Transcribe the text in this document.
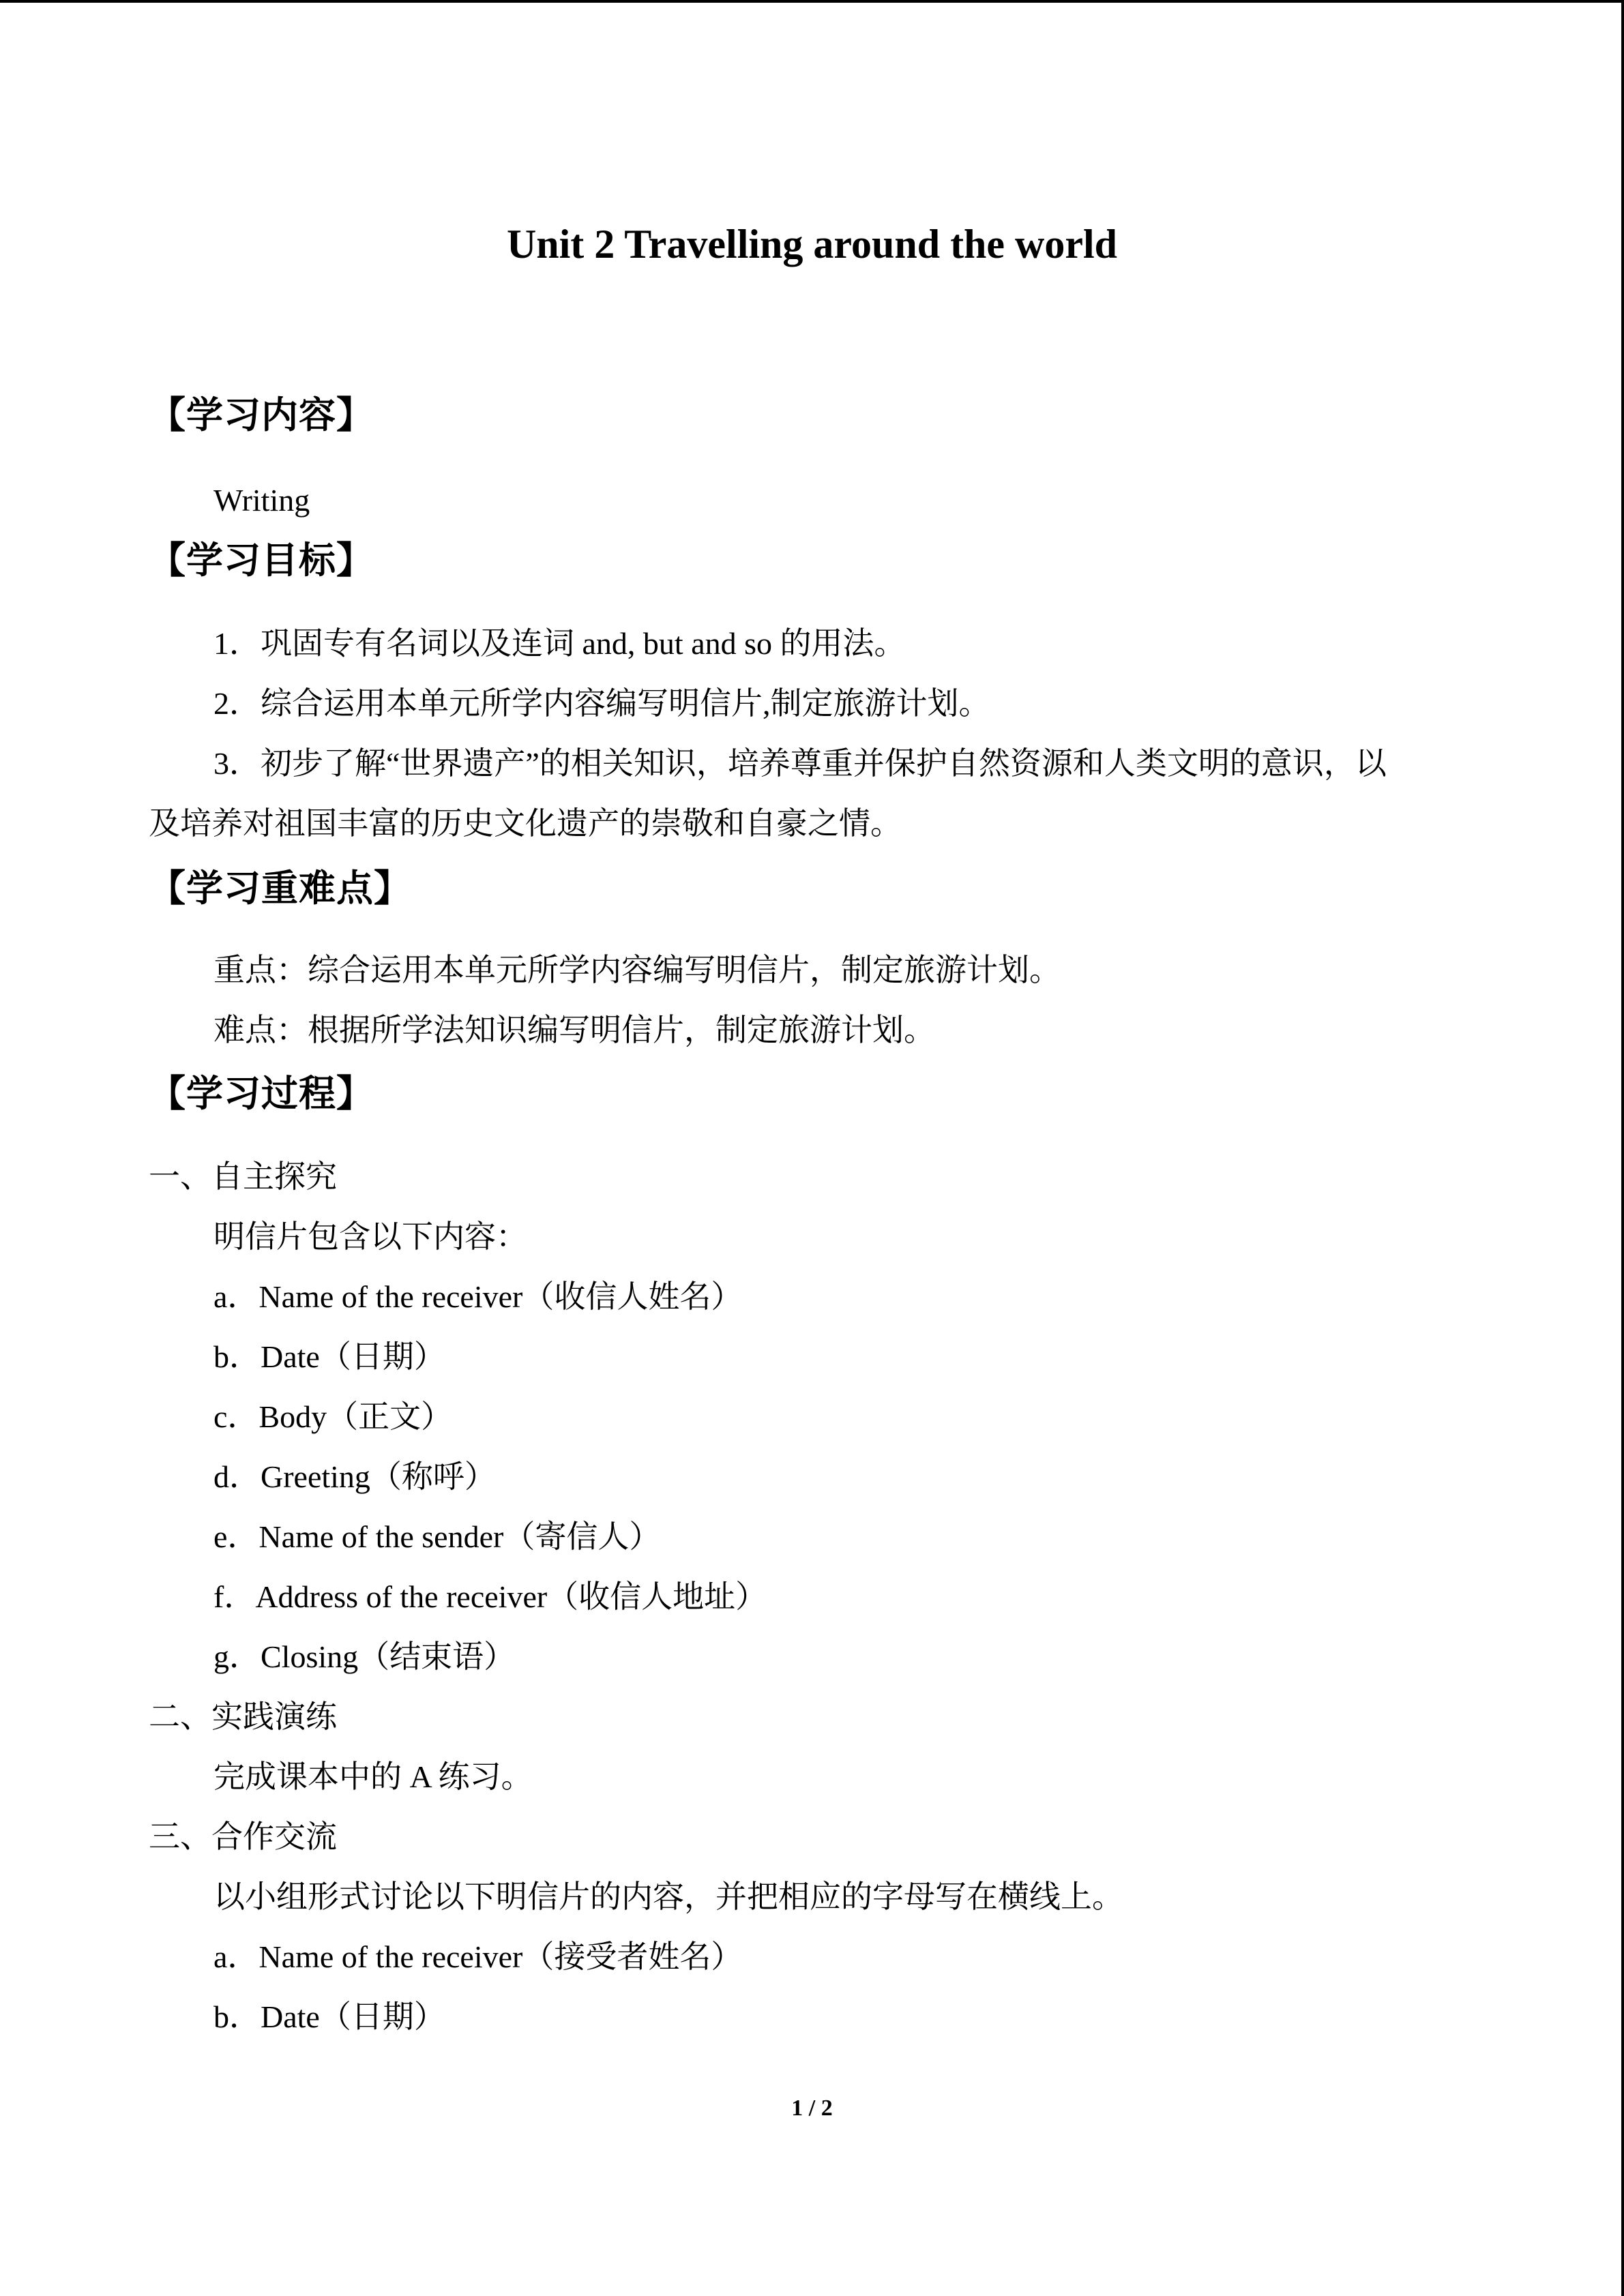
Unit 2 Travelling around the world
【学习内容】
Writing
【学习目标】
1．巩固专有名词以及连词 and, but and so 的用法。
2．综合运用本单元所学内容编写明信片,制定旅游计划。
3．初步了解“世界遗产”的相关知识，培养尊重并保护自然资源和人类文明的意识，以
及培养对祖国丰富的历史文化遗产的崇敬和自豪之情。
【学习重难点】
重点：综合运用本单元所学内容编写明信片，制定旅游计划。
难点：根据所学法知识编写明信片，制定旅游计划。
【学习过程】
一、自主探究
明信片包含以下内容：
a．Name of the receiver（收信人姓名）
b．Date（日期）
c．Body（正文）
d．Greeting（称呼）
e．Name of the sender（寄信人）
f．Address of the receiver（收信人地址）
g．Closing（结束语）
二、实践演练
完成课本中的 A 练习。
三、合作交流
以小组形式讨论以下明信片的内容，并把相应的字母写在横线上。
a．Name of the receiver（接受者姓名）
b．Date（日期）
1 / 2
